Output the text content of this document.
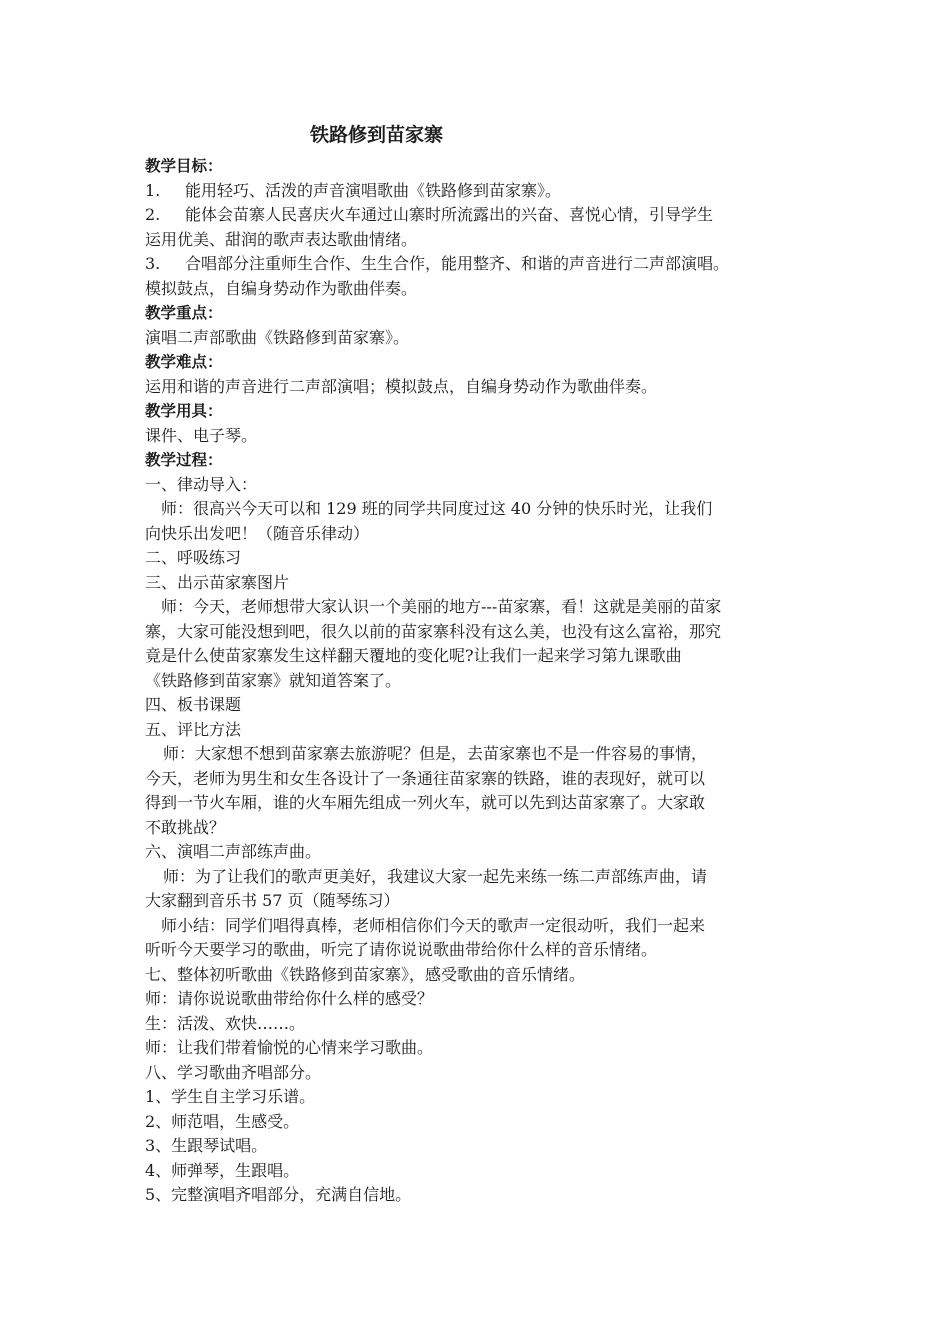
铁路修到苗家寨
教学目标：
1. 能用轻巧、活泼的声音演唱歌曲《铁路修到苗家寨》。
2. 能体会苗寨人民喜庆火车通过山寨时所流露出的兴奋、喜悦心情，引导学生
运用优美、甜润的歌声表达歌曲情绪。
3. 合唱部分注重师生合作、生生合作，能用整齐、和谐的声音进行二声部演唱。
模拟鼓点，自编身势动作为歌曲伴奏。
教学重点：
演唱二声部歌曲《铁路修到苗家寨》。
教学难点：
运用和谐的声音进行二声部演唱；模拟鼓点，自编身势动作为歌曲伴奏。
教学用具：
课件、电子琴。
教学过程：
一、律动导入：
师：很高兴今天可以和 129 班的同学共同度过这 40 分钟的快乐时光，让我们
向快乐出发吧！（随音乐律动）
二、呼吸练习
三、出示苗家寨图片
师：今天，老师想带大家认识一个美丽的地方---苗家寨，看！这就是美丽的苗家
寨，大家可能没想到吧，很久以前的苗家寨科没有这么美，也没有这么富裕，那究
竟是什么使苗家寨发生这样翻天覆地的变化呢?让我们一起来学习第九课歌曲
《铁路修到苗家寨》就知道答案了。
四、板书课题
五、评比方法
师：大家想不想到苗家寨去旅游呢？但是，去苗家寨也不是一件容易的事情，
今天，老师为男生和女生各设计了一条通往苗家寨的铁路，谁的表现好，就可以
得到一节火车厢，谁的火车厢先组成一列火车，就可以先到达苗家寨了。大家敢
不敢挑战？
六、演唱二声部练声曲。
师：为了让我们的歌声更美好，我建议大家一起先来练一练二声部练声曲，请
大家翻到音乐书 57 页（随琴练习）
师小结：同学们唱得真棒，老师相信你们今天的歌声一定很动听，我们一起来
听听今天要学习的歌曲，听完了请你说说歌曲带给你什么样的音乐情绪。
七、整体初听歌曲《铁路修到苗家寨》，感受歌曲的音乐情绪。
师：请你说说歌曲带给你什么样的感受？
生：活泼、欢快……。
师：让我们带着愉悦的心情来学习歌曲。
八、学习歌曲齐唱部分。
1、学生自主学习乐谱。
2、师范唱，生感受。
3、生跟琴试唱。
4、师弹琴，生跟唱。
5、完整演唱齐唱部分，充满自信地。
